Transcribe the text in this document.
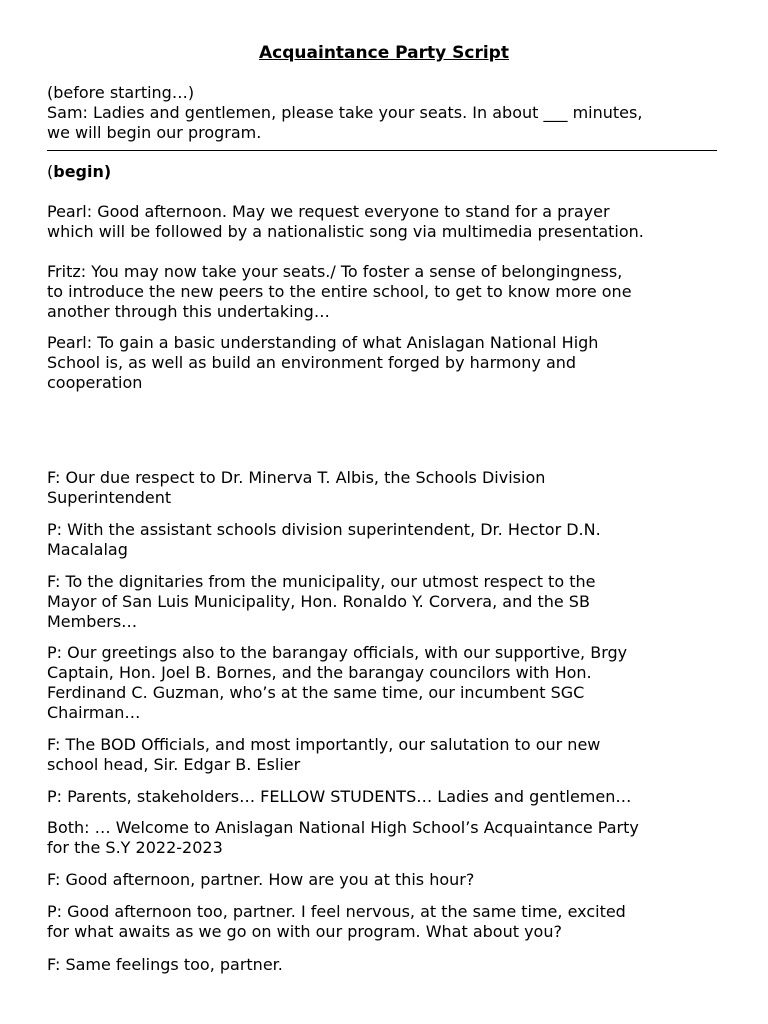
Acquaintance Party Script

(before starting…)

Sam: Ladies and gentlemen, please take your seats. In about ___ minutes,
we will begin our program.

(begin)

Pearl: Good afternoon. May we request everyone to stand for a prayer
which will be followed by a nationalistic song via multimedia presentation.

Fritz: You may now take your seats./ To foster a sense of belongingness,
to introduce the new peers to the entire school, to get to know more one
another through this undertaking…

Pearl: To gain a basic understanding of what Anislagan National High
School is, as well as build an environment forged by harmony and
cooperation

F: Our due respect to Dr. Minerva T. Albis, the Schools Division
Superintendent

P: With the assistant schools division superintendent, Dr. Hector D.N.
Macalalag

F: To the dignitaries from the municipality, our utmost respect to the
Mayor of San Luis Municipality, Hon. Ronaldo Y. Corvera, and the SB
Members…

P: Our greetings also to the barangay officials, with our supportive, Brgy
Captain, Hon. Joel B. Bornes, and the barangay councilors with Hon.
Ferdinand C. Guzman, who’s at the same time, our incumbent SGC
Chairman…

F: The BOD Officials, and most importantly, our salutation to our new
school head, Sir. Edgar B. Eslier

P: Parents, stakeholders… FELLOW STUDENTS… Ladies and gentlemen…

Both: … Welcome to Anislagan National High School’s Acquaintance Party
for the S.Y 2022-2023

F: Good afternoon, partner. How are you at this hour?

P: Good afternoon too, partner. I feel nervous, at the same time, excited
for what awaits as we go on with our program. What about you?

F: Same feelings too, partner.
